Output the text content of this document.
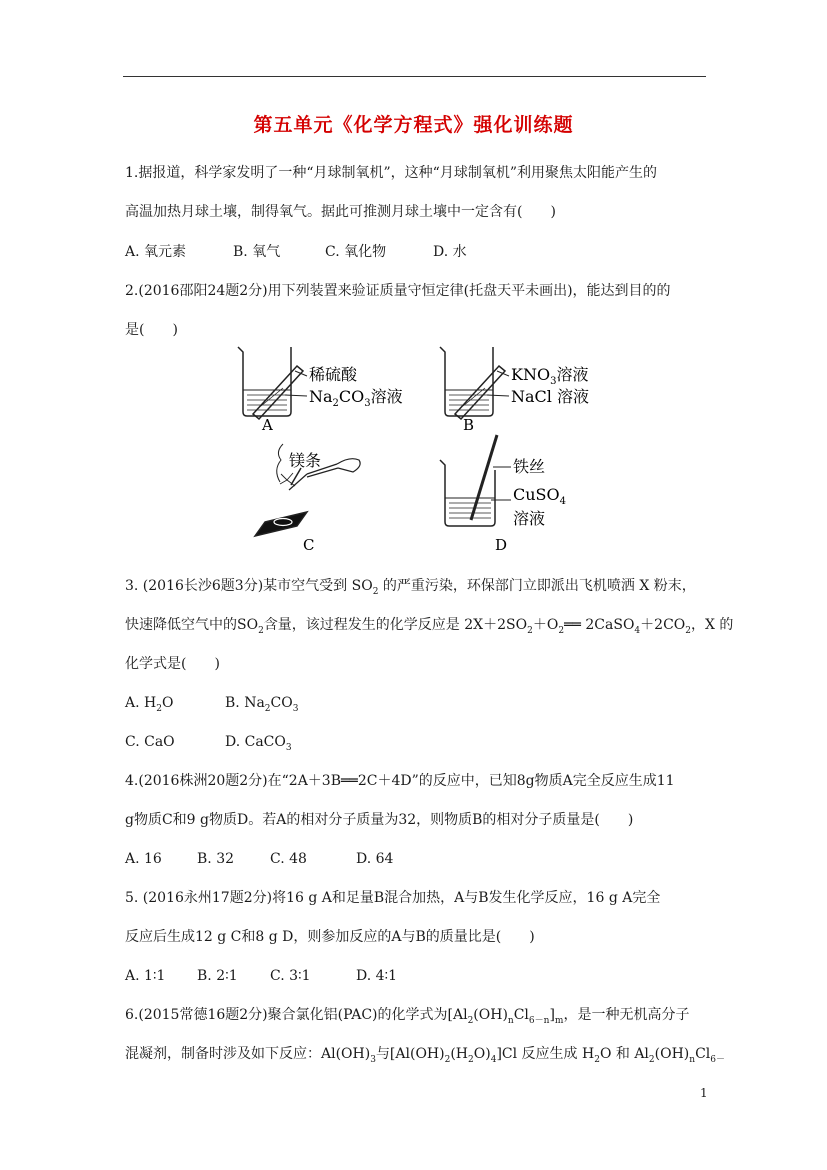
第五单元《化学方程式》强化训练题
1.据报道，科学家发明了一种“月球制氧机”，这种“月球制氧机”利用聚焦太阳能产生的
高温加热月球土壤，制得氧气。据此可推测月球土壤中一定含有(　　)
A. 氧元素	B. 氧气	C. 氧化物	D. 水
2.(2016邵阳24题2分)用下列装置来验证质量守恒定律(托盘天平未画出)，能达到目的的
是(　　)
稀硫酸
$Na_2CO_3$溶液
$KNO_3$溶液
NaCl 溶液
镁条	铁丝
CuSO$_4$
溶液
A	B
C	D
3. (2016长沙6题3分)某市空气受到 $SO_2$ 的严重污染，环保部门立即派出飞机喷洒 X 粉末，
快速降低空气中的$SO_2$含量，该过程发生的化学反应是 $2X+2SO_2+O_2══$ $2CaSO_4+2CO_2$，X 的
化学式是(　　)
A. $H_2O$	B. $Na_2CO_3$
C. CaO	D. CaCO$_3$
4.(2016株洲20题2分)在“2A＋3B══2C＋4D”的反应中，已知8g物质A完全反应生成11
g物质C和9 g物质D。若A的相对分子质量为32，则物质B的相对分子质量是(　　)
A. 16	B. 32	C. 48	D. 64
5. (2016永州17题2分)将16 g A和足量B混合加热，A与B发生化学反应，16 g A完全
反应后生成12 g C和8 g D，则参加反应的A与B的质量比是(　　)
A. 1∶1 B. 2∶1 C. 3∶1	D. 4∶1
6.(2015常德16题2分)聚合氯化铝(PAC)的化学式为$[Al_2(OH)_nCl_{6-n}]_m$，是一种无机高分子
混凝剂，制备时涉及如下反应：$Al(OH)_3$与$[Al(OH)_2(H_2O)_4]Cl$ 反应生成 $H_2O$ 和 $Al_2(OH)_nCl_{6-}$
1
